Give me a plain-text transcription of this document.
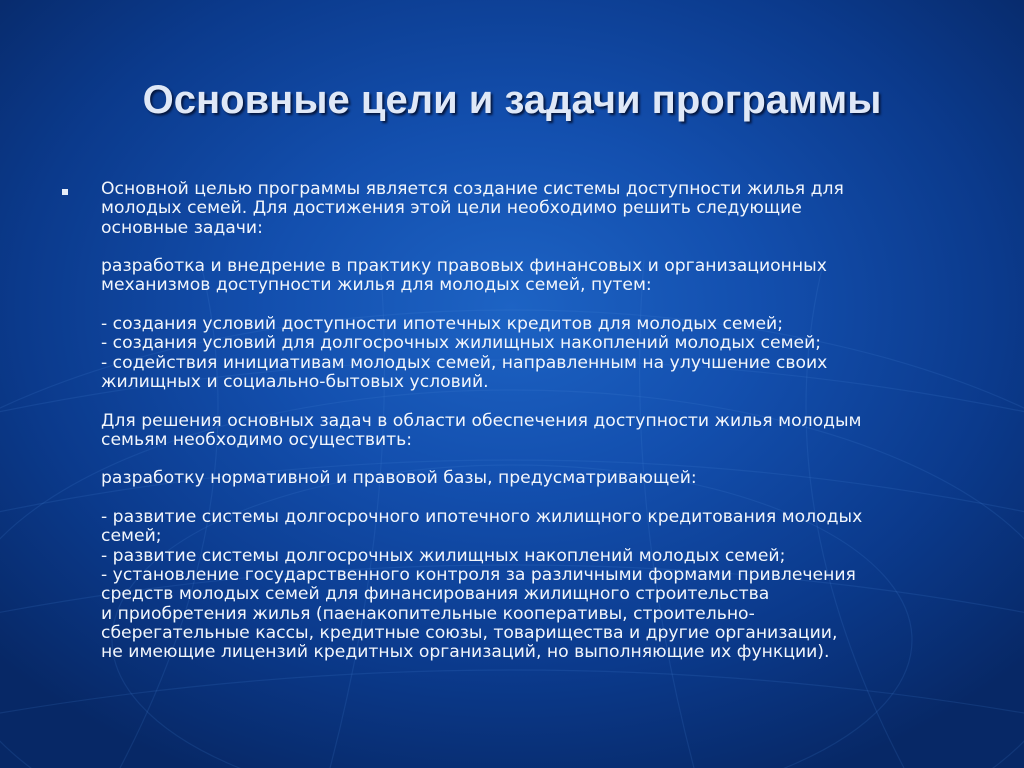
Основные цели и задачи программы

Основной целью программы является создание системы доступности жилья для
молодых семей. Для достижения этой цели необходимо решить следующие
основные задачи:

разработка и внедрение в практику правовых финансовых и организационных
механизмов доступности жилья для молодых семей, путем:

- создания условий доступности ипотечных кредитов для молодых семей;
- создания условий для долгосрочных жилищных накоплений молодых семей;
- содействия инициативам молодых семей, направленным на улучшение своих
жилищных и социально-бытовых условий.

Для решения основных задач в области обеспечения доступности жилья молодым
семьям необходимо осуществить:

разработку нормативной и правовой базы, предусматривающей:

- развитие системы долгосрочного ипотечного жилищного кредитования молодых
семей;
- развитие системы долгосрочных жилищных накоплений молодых семей;
- установление государственного контроля за различными формами привлечения
средств молодых семей для финансирования жилищного строительства
и приобретения жилья (паенакопительные кооперативы, строительно-
сберегательные кассы, кредитные союзы, товарищества и другие организации,
не имеющие лицензий кредитных организаций, но выполняющие их функции).
